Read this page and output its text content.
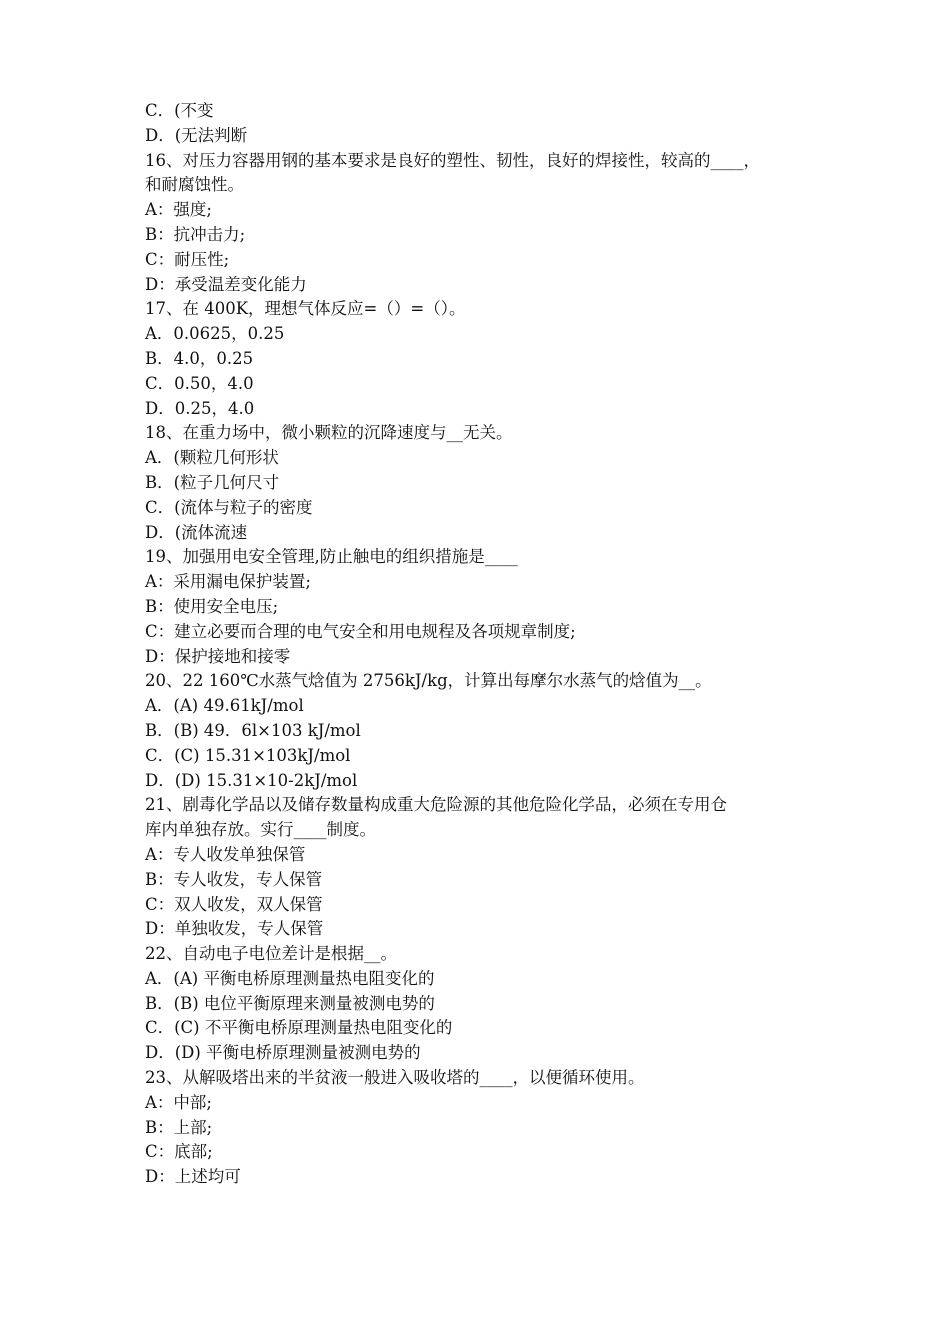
C．(不变
D．(无法判断
16、对压力容器用钢的基本要求是良好的塑性、韧性，良好的焊接性，较高的____，
和耐腐蚀性。
A：强度;
B：抗冲击力;
C：耐压性;
D：承受温差变化能力
17、在 400K，理想气体反应=（）=（）。
A．0.0625，0.25
B．4.0，0.25
C．0.50，4.0
D．0.25，4.0
18、在重力场中，微小颗粒的沉降速度与__无关。
A．(颗粒几何形状
B．(粒子几何尺寸
C．(流体与粒子的密度
D．(流体流速
19、加强用电安全管理,防止触电的组织措施是____
A：采用漏电保护装置;
B：使用安全电压;
C：建立必要而合理的电气安全和用电规程及各项规章制度;
D：保护接地和接零
20、22 160℃水蒸气焓值为 2756kJ/kg，计算出每摩尔水蒸气的焓值为__。
A．(A) 49.61kJ/mol
B．(B) 49．6l×103 kJ/mol
C．(C) 15.31×103kJ/mol
D．(D) 15.31×10-2kJ/mol
21、剧毒化学品以及储存数量构成重大危险源的其他危险化学品，必须在专用仓
库内单独存放。实行____制度。
A：专人收发单独保管
B：专人收发，专人保管
C：双人收发，双人保管
D：单独收发，专人保管
22、自动电子电位差计是根据__。
A．(A) 平衡电桥原理测量热电阻变化的
B．(B) 电位平衡原理来测量被测电势的
C．(C) 不平衡电桥原理测量热电阻变化的
D．(D) 平衡电桥原理测量被测电势的
23、从解吸塔出来的半贫液一般进入吸收塔的____，以便循环使用。
A：中部;
B：上部;
C：底部;
D：上述均可
